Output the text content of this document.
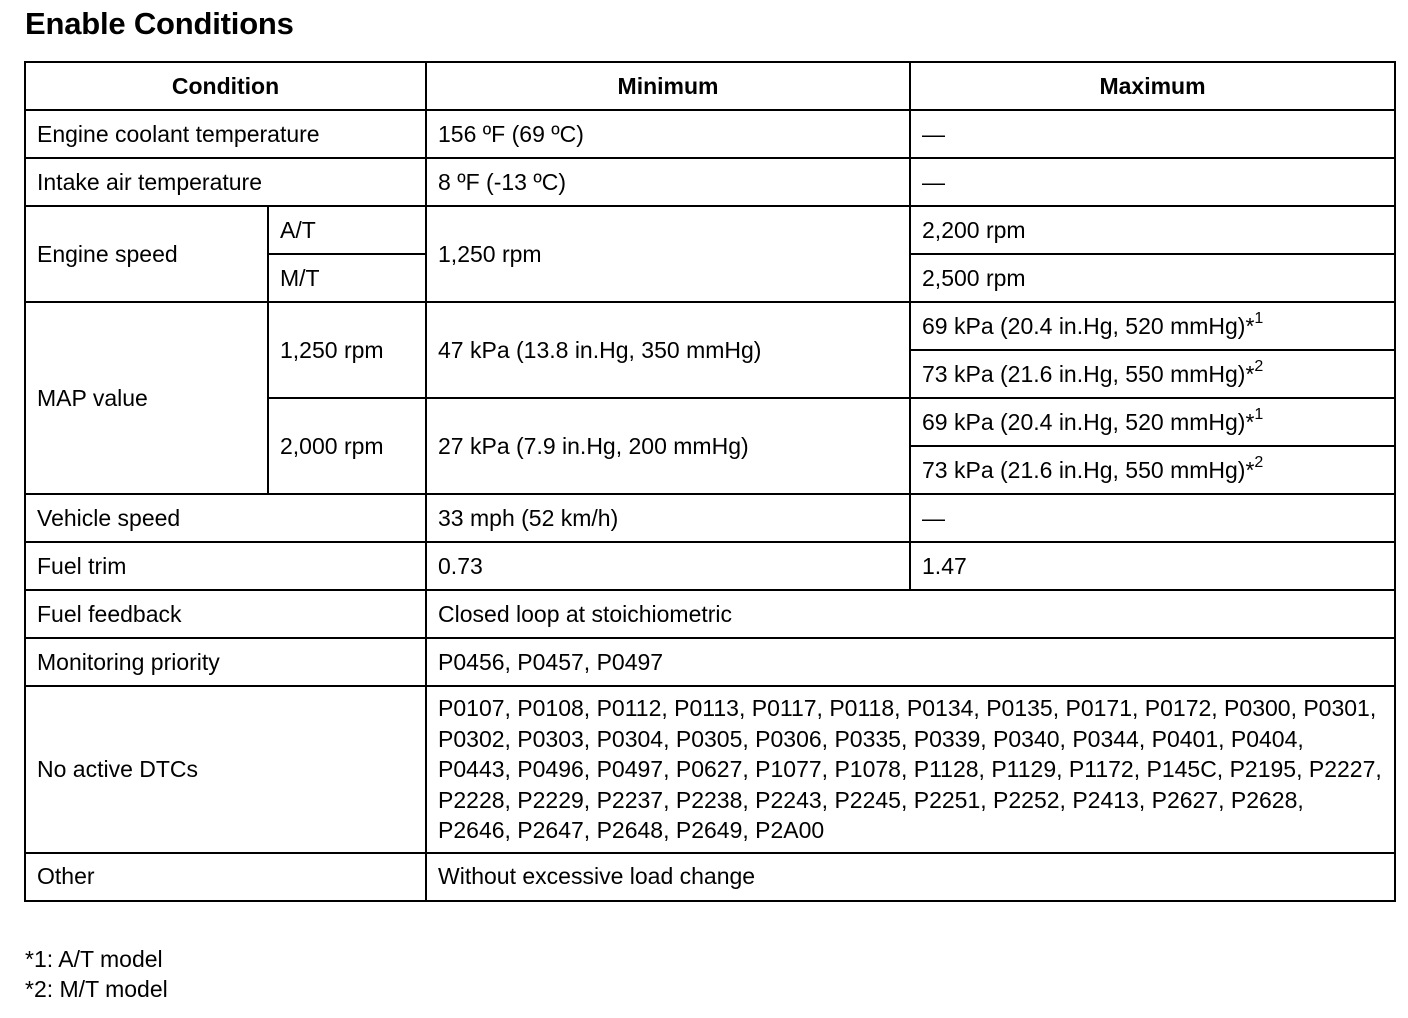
Enable Conditions
Condition		Minimum	Maximum
Engine coolant temperature		156 ºF (69 ºC)	—
Intake air temperature		8 ºF (-13 ºC)	—
Engine speed	A/T	1,250 rpm	2,200 rpm
	M/T		2,500 rpm
MAP value	1,250 rpm	47 kPa (13.8 in.Hg, 350 mmHg)	69 kPa (20.4 in.Hg, 520 mmHg)*$^1$
			73 kPa (21.6 in.Hg, 550 mmHg)*$^2$
	2,000 rpm	27 kPa (7.9 in.Hg, 200 mmHg)	69 kPa (20.4 in.Hg, 520 mmHg)*$^1$
			73 kPa (21.6 in.Hg, 550 mmHg)*$^2$
Vehicle speed		33 mph (52 km/h)	—
Fuel trim		0.73	1.47
Fuel feedback		Closed loop at stoichiometric	
Monitoring priority		P0456, P0457, P0497	
No active DTCs		P0107, P0108, P0112, P0113, P0117, P0118, P0134, P0135, P0171, P0172, P0300, P0301, P0302, P0303, P0304, P0305, P0306, P0335, P0339, P0340, P0344, P0401, P0404, P0443, P0496, P0497, P0627, P1077, P1078, P1128, P1129, P1172, P145C, P2195, P2227, P2228, P2229, P2237, P2238, P2243, P2245, P2251, P2252, P2413, P2627, P2628, P2646, P2647, P2648, P2649, P2A00	
Other		Without excessive load change	
*1: A/T model
*2: M/T model
